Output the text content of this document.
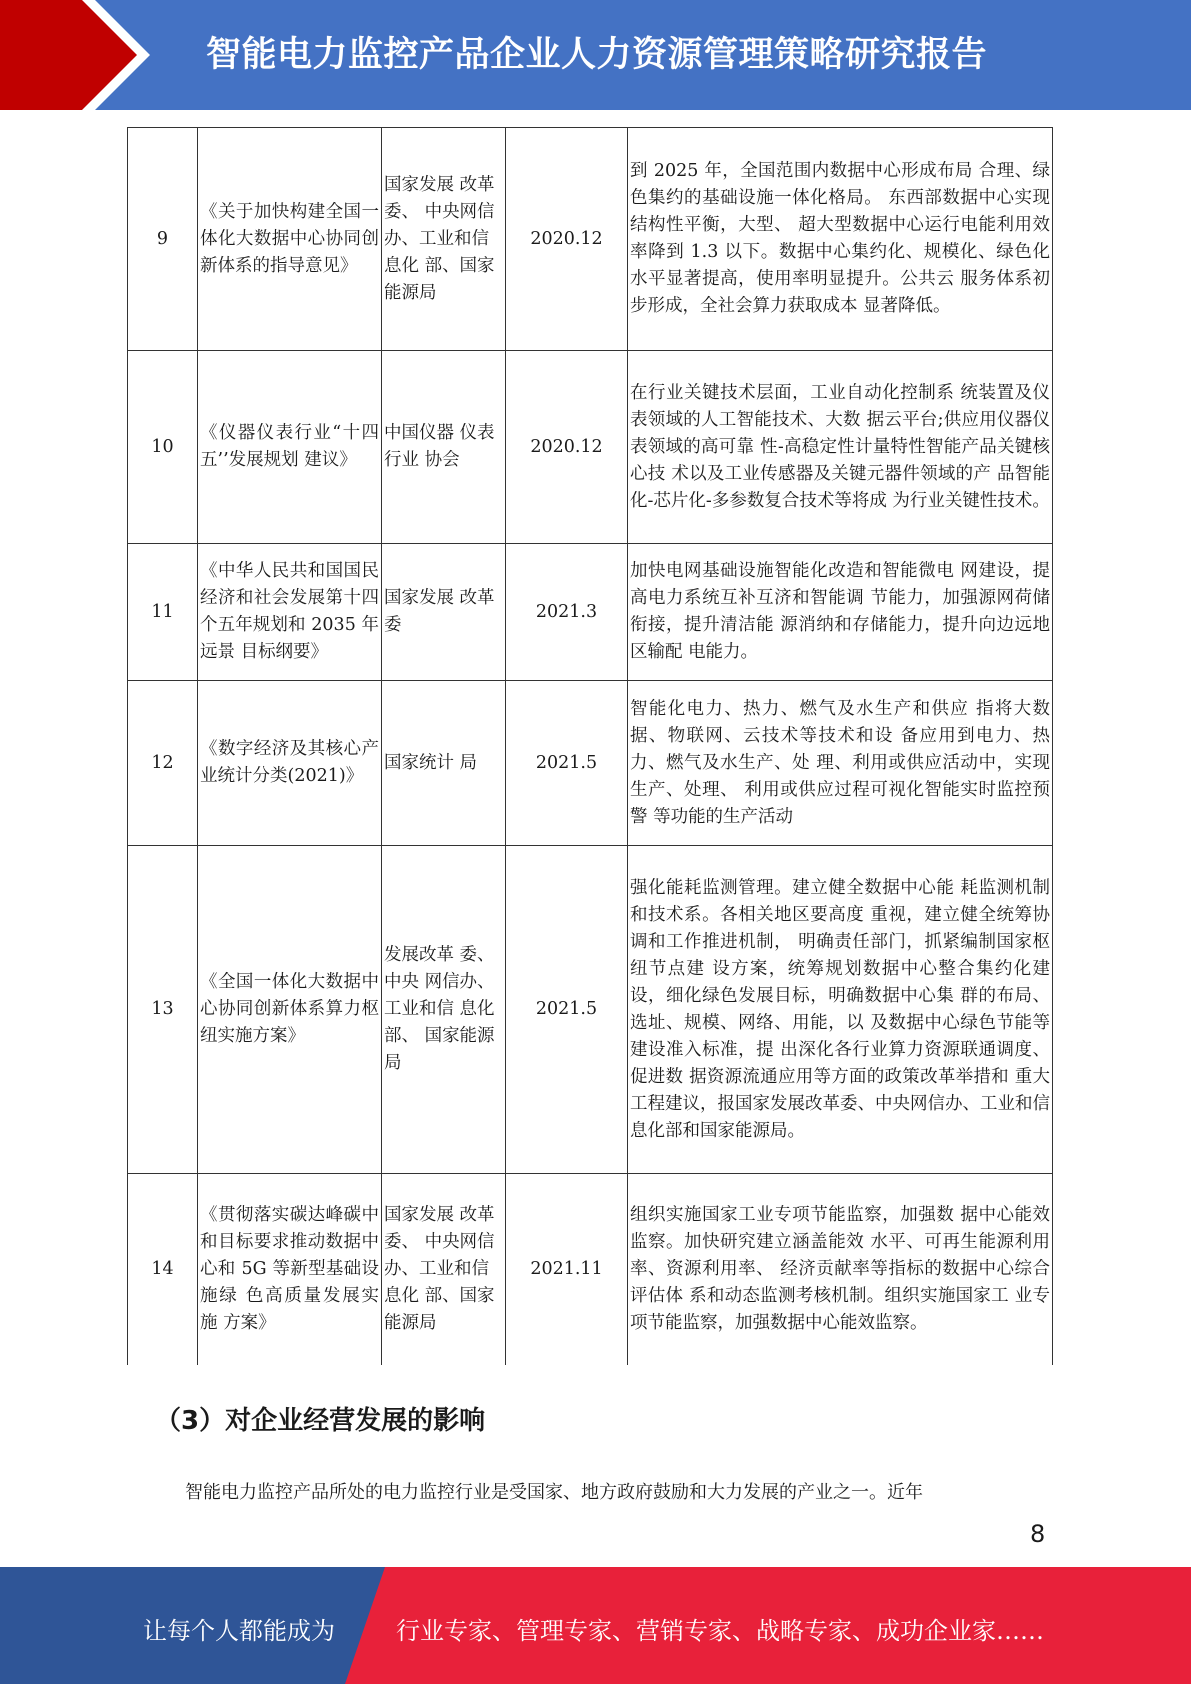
智能电力监控产品企业人力资源管理策略研究报告
9	《关于加快构建全国一体化大数据中心协同创新体系的指导意见》	国家发展 改革委、 中央网信 办、工业和信息化 部、国家 能源局	2020.12	到 2025 年，全国范围内数据中心形成布局 合理、绿色集约的基础设施一体化格局。 东西部数据中心实现结构性平衡，大型、 超大型数据中心运行电能利用效率降到 1.3 以下。数据中心集约化、规模化、绿色化 水平显著提高，使用率明显提升。公共云 服务体系初步形成，全社会算力获取成本 显著降低。
10	《仪器仪表行业“十四五’’发展规划 建议》	中国仪器 仪表行业 协会	2020.12	在行业关键技术层面，工业自动化控制系 统装置及仪表领域的人工智能技术、大数 据云平台;供应用仪器仪表领域的高可靠 性-高稳定性计量特性智能产品关键核心技 术以及工业传感器及关键元器件领域的产 品智能化-芯片化-多参数复合技术等将成 为行业关键性技术。
11	《中华人民共和国国民经济和社会发展第十四个五年规划和 2035 年远景 目标纲要》	国家发展 改革委	2021.3	加快电网基础设施智能化改造和智能微电 网建设，提高电力系统互补互济和智能调 节能力，加强源网荷储衔接，提升清洁能 源消纳和存储能力，提升向边远地区输配 电能力。
12	《数字经济及其核心产业统计分类(2021)》	国家统计 局	2021.5	智能化电力、热力、燃气及水生产和供应 指将大数据、物联网、云技术等技术和设 备应用到电力、热力、燃气及水生产、处 理、利用或供应活动中，实现生产、处理、 利用或供应过程可视化智能实时监控预警 等功能的生产活动
13	《全国一体化大数据中心协同创新体系算力枢纽实施方案》	发展改革 委、中央 网信办、工业和信 息化部、 国家能源 局	2021.5	强化能耗监测管理。建立健全数据中心能 耗监测机制和技术系。各相关地区要高度 重视，建立健全统筹协调和工作推进机制， 明确责任部门，抓紧编制国家枢纽节点建 设方案，统筹规划数据中心整合集约化建 设，细化绿色发展目标，明确数据中心集 群的布局、选址、规模、网络、用能，以 及数据中心绿色节能等建设准入标准，提 出深化各行业算力资源联通调度、促进数 据资源流通应用等方面的政策改革举措和 重大工程建议，报国家发展改革委、中央网信办、工业和信息化部和国家能源局。
14	《贯彻落实碳达峰碳中和目标要求推动数据中心和 5G 等新型基础设施绿 色高质量发展实施 方案》	国家发展 改革委、 中央网信 办、工业和信息化 部、国家 能源局	2021.11	组织实施国家工业专项节能监察，加强数 据中心能效监察。加快研究建立涵盖能效 水平、可再生能源利用率、资源利用率、 经济贡献率等指标的数据中心综合评估体 系和动态监测考核机制。组织实施国家工 业专项节能监察，加强数据中心能效监察。
（3）对企业经营发展的影响
智能电力监控产品所处的电力监控行业是受国家、地方政府鼓励和大力发展的产业之一。近年
8
让每个人都能成为	行业专家、管理专家、营销专家、战略专家、成功企业家……
